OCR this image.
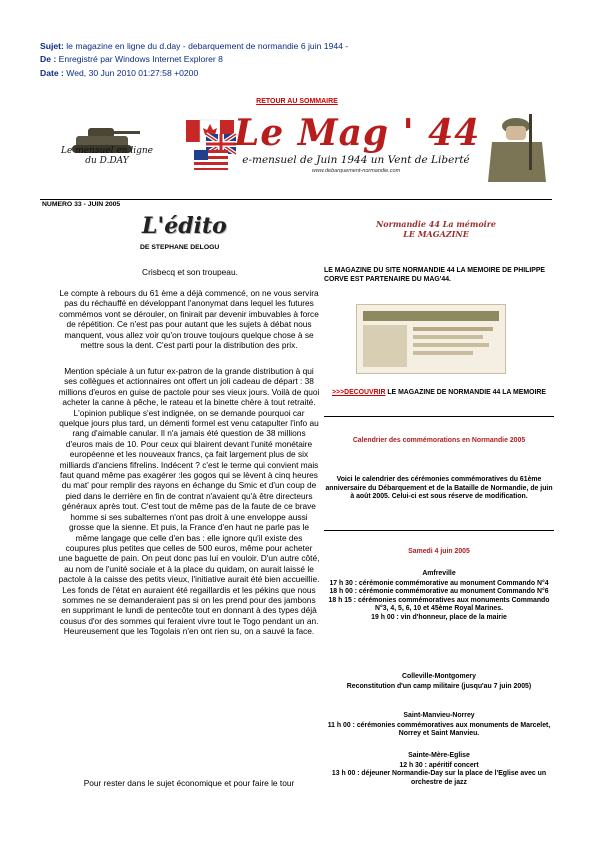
Sujet: le magazine en ligne du d.day - debarquement de normandie 6 juin 1944 -
De : Enregistré par Windows Internet Explorer 8
Date : Wed, 30 Jun 2010 01:27:58 +0200
RETOUR AU SOMMAIRE
Le mensuel en ligne
du D.DAY
Le Mag ' 44
e-mensuel de Juin 1944 un Vent de Liberté
www.debarquement-normandie.com
NUMERO 33 - JUIN 2005
L'édito
DE STEPHANE DELOGU
Crisbecq et son troupeau.

Le compte à rebours du 61 ème a déjà commencé, on ne vous servira pas du réchauffé en développant l'anonymat dans lequel les futures commémos vont se dérouler, on finirait par devenir imbuvables à force de répétition. Ce n'est pas pour autant que les sujets à débat nous manquent, vous allez voir qu'on trouve toujours quelque chose à se mettre sous la dent. C'est parti pour la distribution des prix.

Mention spéciale à un futur ex-patron de la grande distribution à qui ses collègues et actionnaires ont offert un joli cadeau de départ : 38 millions d'euros en guise de pactole pour ses vieux jours. Voilà de quoi acheter la canne à pêche, le rateau et la binette chère à tout retraité. L'opinion publique s'est indignée, on se demande pourquoi car quelque jours plus tard, un démenti formel est venu catapulter l'info au rang d'aimable canular. Il n'a jamais été question de 38 millions d'euros mais de 10. Pour ceux qui blairent devant l'unité monétaire européenne et les nouveaux francs, ça fait largement plus de six milliards d'anciens fifrelins. Indécent ? c'est le terme qui convient mais faut quand même pas exagérer :les gogos qui se lèvent à cinq heures du mat' pour remplir des rayons en échange du Smic et d'un coup de pied dans le derrière en fin de contrat n'avaient qu'à être directeurs généraux après tout. C'est tout de même pas de la faute de ce brave homme si ses subalternes n'ont pas droit à une enveloppe aussi grosse que la sienne. Et puis, la France d'en haut ne parle pas le même langage que celle d'en bas : elle ignore qu'il existe des coupures plus petites que celles de 500 euros, même pour acheter une baguette de pain. On peut donc pas lui en vouloir. D'un autre côté, au nom de l'unité sociale et à la place du quidam, on aurait laissé le pactole à la caisse des petits vieux, l'initiative aurait été bien accueillie. Les fonds de l'état en auraient été regaillardis et les pékins que nous sommes ne se demanderaient pas si on les prend pour des jambons en supprimant le lundi de pentecôte tout en donnant à des types déjà cousus d'or des sommes qui feraient vivre tout le Togo pendant un an. Heureusement que les Togolais n'en ont rien su, on a sauvé la face.

Pour rester dans le sujet économique et pour faire le tour

Normandie 44 La mémoire
LE MAGAZINE
LE MAGAZINE DU SITE NORMANDIE 44 LA MEMOIRE DE PHILIPPE CORVE EST PARTENAIRE DU MAG'44.
>>>DECOUVRIR LE MAGAZINE DE NORMANDIE 44 LA MEMOIRE
Calendrier des commémorations en Normandie 2005
Voici le calendrier des cérémonies commémoratives du 61ème anniversaire du Débarquement et de la Bataille de Normandie, de juin à août 2005. Celui-ci est sous réserve de modification.
Samedi 4 juin 2005

Amfreville

17 h 30 : cérémonie commémorative au monument Commando N°4

18 h 00 : cérémonie commémorative au monument Commando N°6

18 h 15 : cérémonies commémoratives aux monuments Commando N°3, 4, 5, 6, 10 et 45ème Royal Marines.

19 h 00 : vin d'honneur, place de la mairie

Colleville-Montgomery

Reconstitution d'un camp militaire (jusqu'au 7 juin 2005)

Saint-Manvieu-Norrey

11 h 00 : cérémonies commémoratives aux monuments de Marcelet, Norrey et Saint Manvieu.

Sainte-Mère-Eglise

12 h 30 : apéritif concert

13 h 00 : déjeuner Normandie-Day sur la place de l'Eglise avec un orchestre de jazz
